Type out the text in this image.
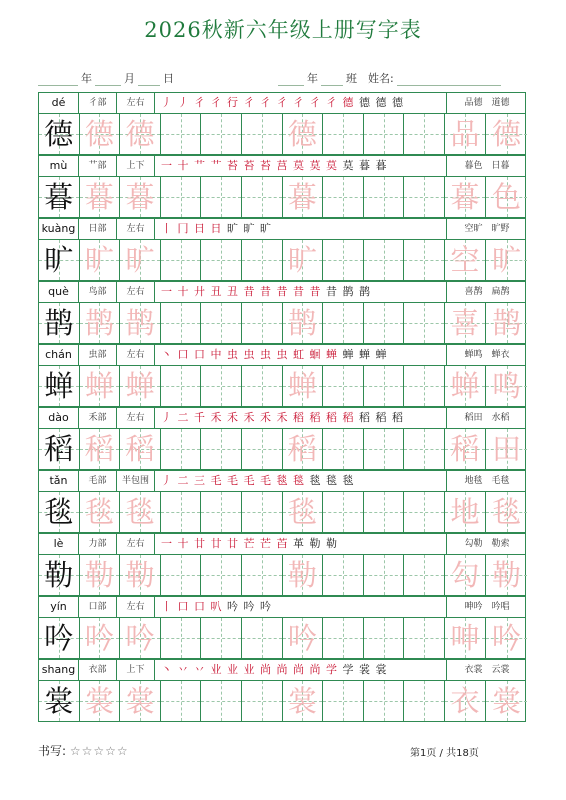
2026秋新六年级上册写字表
年	月	日	年	班 姓名:
dé	彳部	左右	丿 丿 彳 彳 行 彳 彳 彳 彳 彳 彳 德 德 德 德	品德　道德
德 德 德	德	品 德
mù	艹部	上下	一 十 艹 艹 苔 苔 苔 莒 莫 莫 莫 莫 暮 暮	暮色　日暮
暮 暮 暮	暮	暮 色
kuàng	日部	左右	丨 冂 日 日 旷 旷 旷	空旷　旷野
旷 旷 旷	旷	空 旷
què	鸟部	左右	一 十 廾 丑 丑 昔 昔 昔 昔 昔 昔 鹊 鹊	喜鹊　扁鹊
鹊 鹊 鹊	鹊	喜 鹊
chán	虫部	左右	丶 口 口 中 虫 虫 虫 虫 虹 蛔 蝉 蝉 蝉 蝉	蝉鸣　蝉衣
蝉 蝉 蝉	蝉	蝉 鸣
dào	禾部	左右	丿 二 千 禾 禾 禾 禾 禾 稻 稻 稻 稻 稻 稻 稻	稻田　水稻
稻 稻 稻	稻	稻 田
tǎn	毛部	半包围	丿 二 三 毛 毛 毛 毛 毯 毯 毯 毯 毯	地毯　毛毯
毯 毯 毯	毯	地 毯
lè	力部	左右	一 十 廿 廿 廿 芒 芒 苩 革 勒 勒	勾勒　勒索
勒 勒 勒	勒	勾 勒
yín	口部	左右	丨 口 口 叭 吟 吟 吟	呻吟　吟唱
吟 吟 吟	吟	呻 吟
shang	衣部	上下	丶 丷 丷 业 业 业 尚 尚 尚 尚 学 学 裳 裳	衣裳　云裳
裳 裳 裳	裳	衣 裳
书写: ☆☆☆☆☆	第1页 / 共18页
